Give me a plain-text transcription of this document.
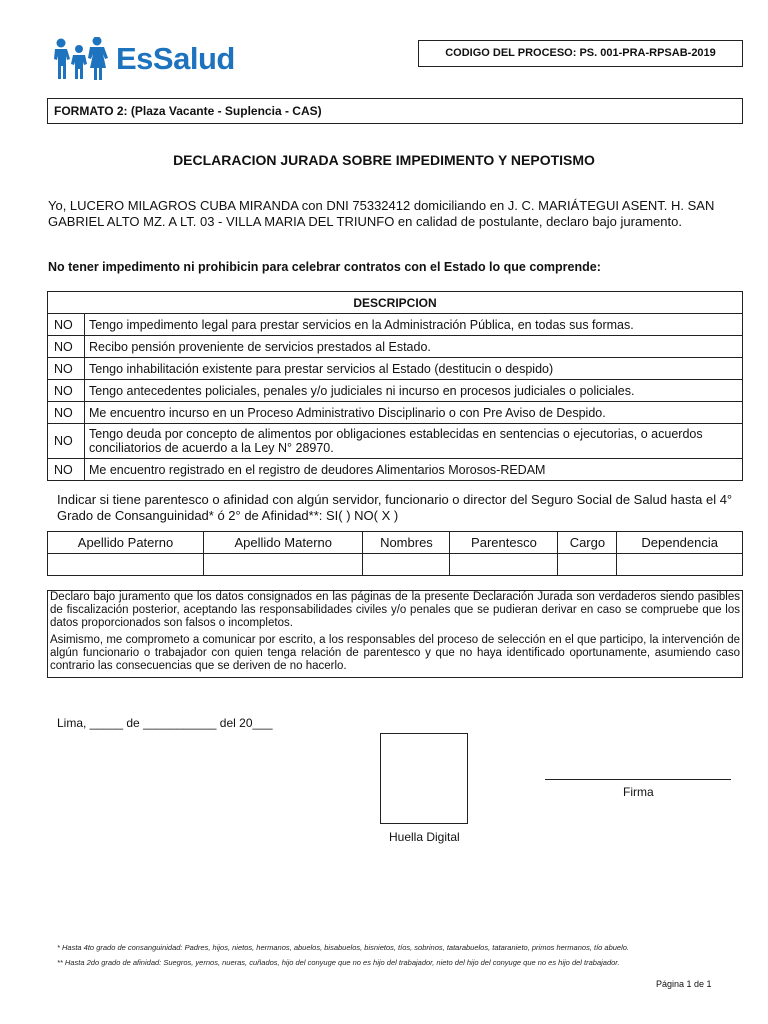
EsSalud	CODIGO DEL PROCESO: PS. 001-PRA-RPSAB-2019
FORMATO 2: (Plaza Vacante - Suplencia - CAS)
DECLARACION JURADA SOBRE IMPEDIMENTO Y NEPOTISMO
Yo, LUCERO MILAGROS CUBA MIRANDA con DNI 75332412 domiciliando en J. C. MARIÁTEGUI ASENT. H. SAN GABRIEL ALTO MZ. A LT. 03 - VILLA MARIA DEL TRIUNFO en calidad de postulante, declaro bajo juramento.
No tener impedimento ni prohibicin para celebrar contratos con el Estado lo que comprende:
DESCRIPCION	
NO	Tengo impedimento legal para prestar servicios en la Administración Pública, en todas sus formas.
NO	Recibo pensión proveniente de servicios prestados al Estado.
NO	Tengo inhabilitación existente para prestar servicios al Estado (destitucin o despido)
NO	Tengo antecedentes policiales, penales y/o judiciales ni incurso en procesos judiciales o policiales.
NO	Me encuentro incurso en un Proceso Administrativo Disciplinario o con Pre Aviso de Despido.
NO	Tengo deuda por concepto de alimentos por obligaciones establecidas en sentencias o ejecutorias, o acuerdos conciliatorios de acuerdo a la Ley N° 28970.
NO	Me encuentro registrado en el registro de deudores Alimentarios Morosos-REDAM
Indicar si tiene parentesco o afinidad con algún servidor, funcionario o director del Seguro Social de Salud hasta el 4° Grado de Consanguinidad* ó 2° de Afinidad**: SI( ) NO( X )
Apellido Paterno	Apellido Materno	Nombres	Parentesco	Cargo	Dependencia

Declaro bajo juramento que los datos consignados en las páginas de la presente Declaración Jurada son verdaderos siendo pasibles de fiscalización posterior, aceptando las responsabilidades civiles y/o penales que se pudieran derivar en caso se compruebe que los datos proporcionados son falsos o incompletos.

Asimismo, me comprometo a comunicar por escrito, a los responsables del proceso de selección en el que participo, la intervención de algún funcionario o trabajador con quien tenga relación de parentesco y que no haya identificado oportunamente, asumiendo caso contrario las consecuencias que se deriven de no hacerlo.

Lima, _____ de ___________ del 20___
Huella Digital
Firma
* Hasta 4to grado de consanguinidad: Padres, hijos, nietos, hermanos, abuelos, bisabuelos, bisnietos, tíos, sobrinos, tatarabuelos, tataranieto, primos hermanos, tío abuelo.
** Hasta 2do grado de afinidad: Suegros, yernos, nueras, cuñados, hijo del conyuge que no es hijo del trabajador, nieto del hijo del conyuge que no es hijo del trabajador.
Página 1 de 1
